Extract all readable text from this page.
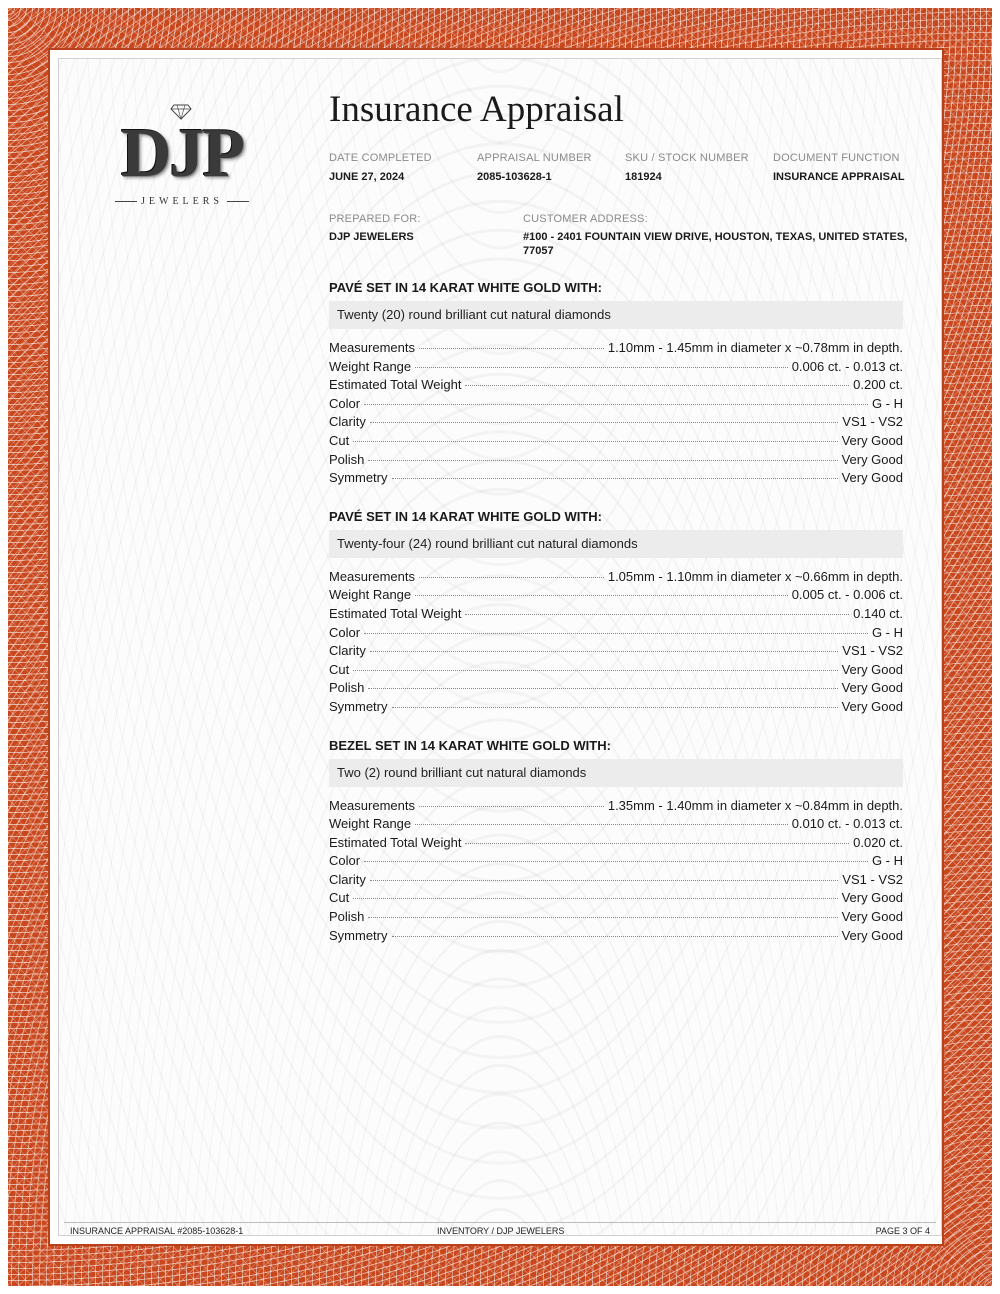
DJP
JEWELERS
Insurance Appraisal
DATE COMPLETED
JUNE 27, 2024
APPRAISAL NUMBER
2085-103628-1
SKU / STOCK NUMBER
181924
DOCUMENT FUNCTION
INSURANCE APPRAISAL
PREPARED FOR:
DJP JEWELERS
CUSTOMER ADDRESS:
#100 - 2401 FOUNTAIN VIEW DRIVE, HOUSTON, TEXAS, UNITED STATES,
77057
PAVÉ SET IN 14 KARAT WHITE GOLD WITH:
Twenty (20) round brilliant cut natural diamonds
Measurements	1.10mm - 1.45mm in diameter x ~0.78mm in depth.
Weight Range	0.006 ct. - 0.013 ct.
Estimated Total Weight	0.200 ct.
Color	G - H
Clarity	VS1 - VS2
Cut	Very Good
Polish	Very Good
Symmetry	Very Good
PAVÉ SET IN 14 KARAT WHITE GOLD WITH:
Twenty-four (24) round brilliant cut natural diamonds
Measurements	1.05mm - 1.10mm in diameter x ~0.66mm in depth.
Weight Range	0.005 ct. - 0.006 ct.
Estimated Total Weight	0.140 ct.
Color	G - H
Clarity	VS1 - VS2
Cut	Very Good
Polish	Very Good
Symmetry	Very Good
BEZEL SET IN 14 KARAT WHITE GOLD WITH:
Two (2) round brilliant cut natural diamonds
Measurements	1.35mm - 1.40mm in diameter x ~0.84mm in depth.
Weight Range	0.010 ct. - 0.013 ct.
Estimated Total Weight	0.020 ct.
Color	G - H
Clarity	VS1 - VS2
Cut	Very Good
Polish	Very Good
Symmetry	Very Good
INSURANCE APPRAISAL #2085-103628-1	INVENTORY / DJP JEWELERS	PAGE 3 OF 4
